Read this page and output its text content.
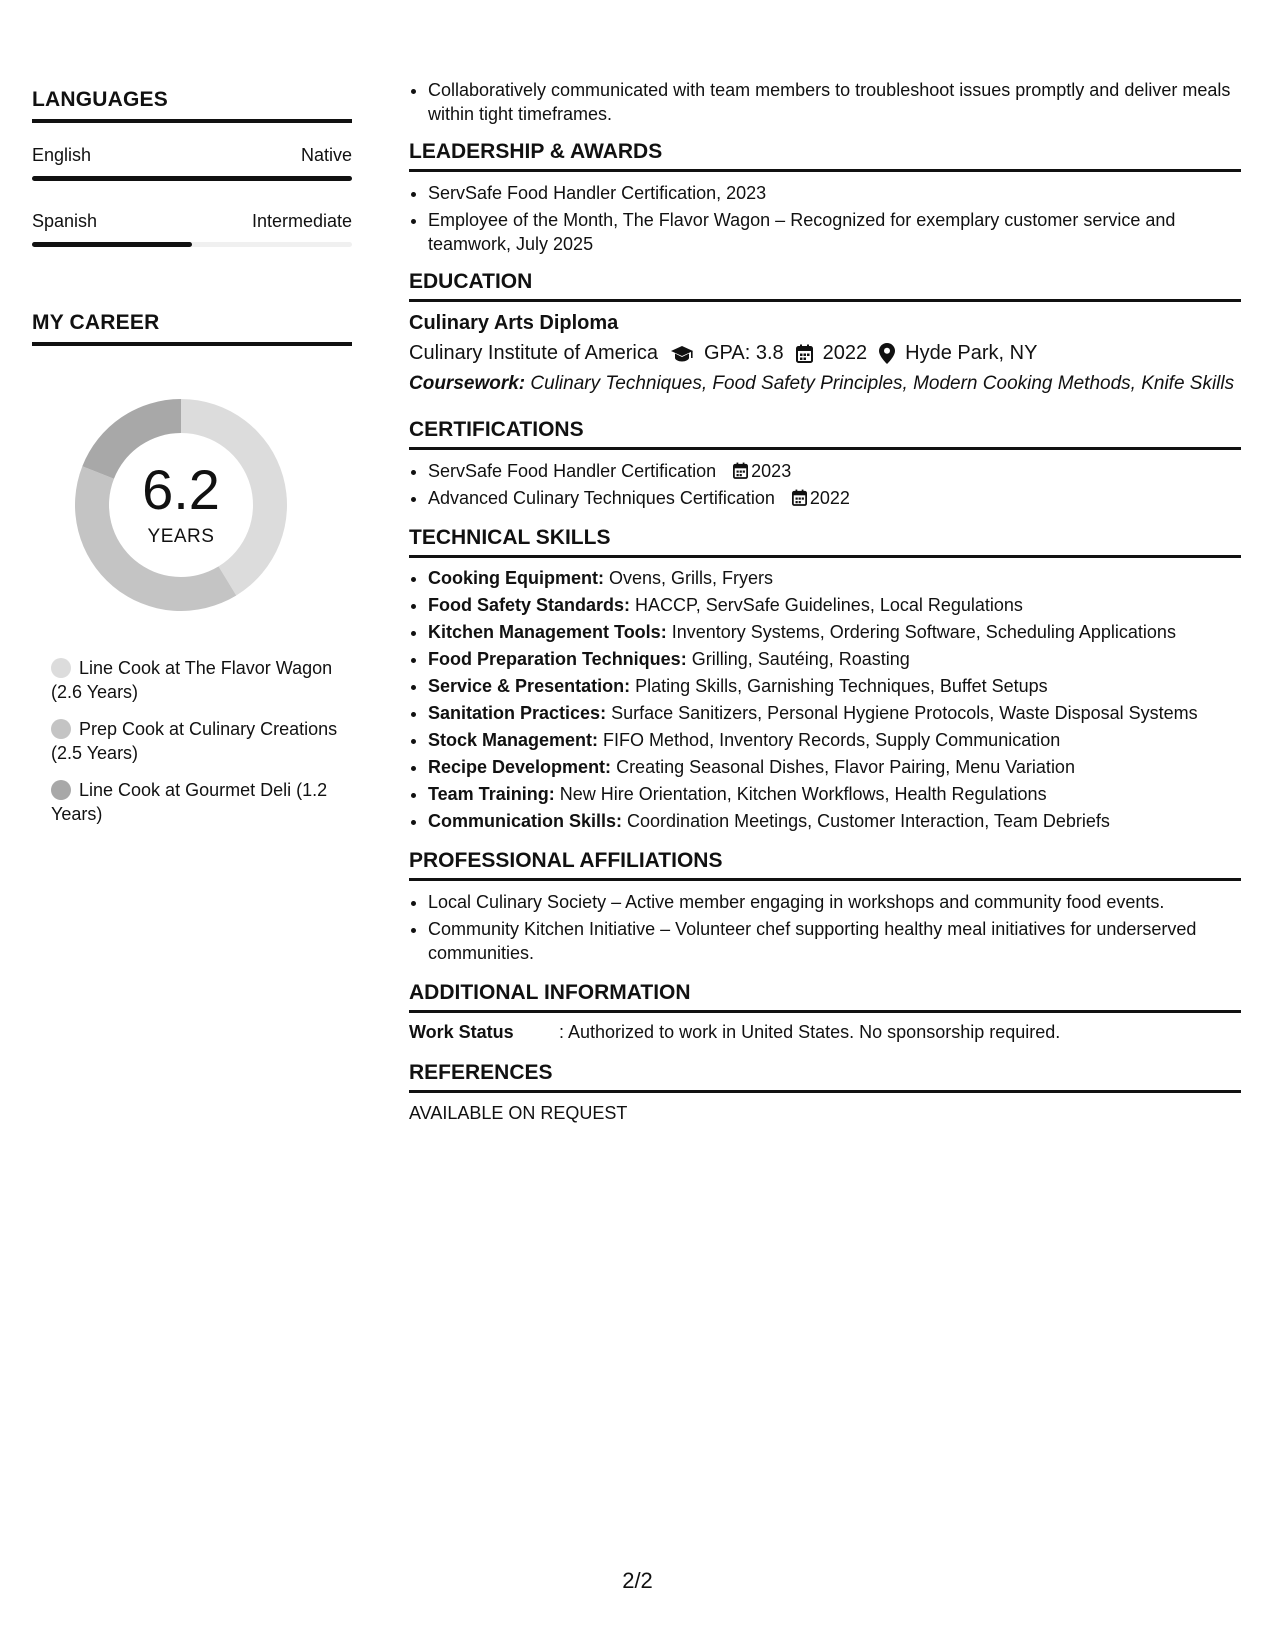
LANGUAGES
English	Native
Spanish	Intermediate
MY CAREER
6.2
YEARS
Line Cook at The Flavor Wagon (2.6 Years)
Prep Cook at Culinary Creations (2.5 Years)
Line Cook at Gourmet Deli (1.2 Years)
• Collaboratively communicated with team members to troubleshoot issues promptly and deliver meals within tight timeframes.
LEADERSHIP & AWARDS
• ServSafe Food Handler Certification, 2023
• Employee of the Month, The Flavor Wagon – Recognized for exemplary customer service and teamwork, July 2025
EDUCATION
Culinary Arts Diploma
Culinary Institute of America GPA: 3.8 2022 Hyde Park, NY
Coursework: Culinary Techniques, Food Safety Principles, Modern Cooking Methods, Knife Skills
CERTIFICATIONS
• ServSafe Food Handler Certification 2023
• Advanced Culinary Techniques Certification 2022
TECHNICAL SKILLS
• Cooking Equipment: Ovens, Grills, Fryers
• Food Safety Standards: HACCP, ServSafe Guidelines, Local Regulations
• Kitchen Management Tools: Inventory Systems, Ordering Software, Scheduling Applications
• Food Preparation Techniques: Grilling, Sautéing, Roasting
• Service & Presentation: Plating Skills, Garnishing Techniques, Buffet Setups
• Sanitation Practices: Surface Sanitizers, Personal Hygiene Protocols, Waste Disposal Systems
• Stock Management: FIFO Method, Inventory Records, Supply Communication
• Recipe Development: Creating Seasonal Dishes, Flavor Pairing, Menu Variation
• Team Training: New Hire Orientation, Kitchen Workflows, Health Regulations
• Communication Skills: Coordination Meetings, Customer Interaction, Team Debriefs
PROFESSIONAL AFFILIATIONS
• Local Culinary Society – Active member engaging in workshops and community food events.
• Community Kitchen Initiative – Volunteer chef supporting healthy meal initiatives for underserved communities.
ADDITIONAL INFORMATION
Work Status	: Authorized to work in United States. No sponsorship required.
REFERENCES
AVAILABLE ON REQUEST
2/2
